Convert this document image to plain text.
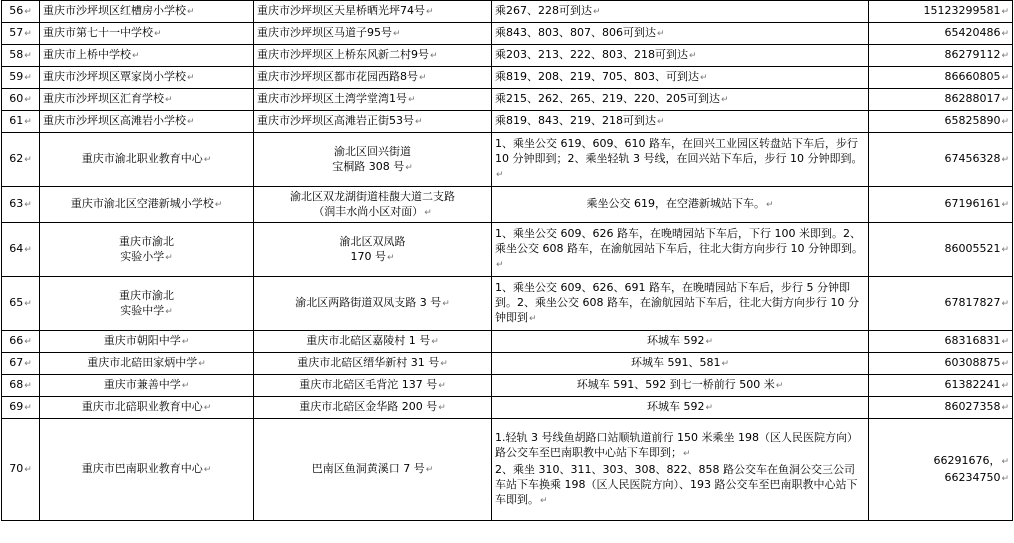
56↵	重庆市沙坪坝区红槽房小学校↵	重庆市沙坪坝区天星桥晒光坪74号↵	乘267、228可到达↵	15123299581↵
57↵	重庆市第七十一中学校↵	重庆市沙坪坝区马道子95号↵	乘843、803、807、806可到达↵	65420486↵
58↵	重庆市上桥中学校↵	重庆市沙坪坝区上桥东风新二村9号↵	乘203、213、222、803、218可到达↵	86279112↵
59↵	重庆市沙坪坝区覃家岗小学校↵	重庆市沙坪坝区都市花园西路8号↵	乘819、208、219、705、803、可到达↵	86660805↵
60↵	重庆市沙坪坝区汇育学校↵	重庆市沙坪坝区土湾学堂湾1号↵	乘215、262、265、219、220、205可到达↵	86288017↵
61↵	重庆市沙坪坝区高滩岩小学校↵	重庆市沙坪坝区高滩岩正街53号↵	乘819、843、219、218可到达↵	65825890↵
62↵	重庆市渝北职业教育中心↵	渝北区回兴街道
宝桐路 308 号↵	1、乘坐公交 619、609、610 路车，在回兴工业园区转盘站下车后，步行 10 分钟即到；2、乘坐轻轨 3 号线，在回兴站下车后，步行 10 分钟即到。↵	67456328↵
63↵	重庆市渝北区空港新城小学校↵	渝北区双龙湖街道桂馥大道二支路
（润丰水尚小区对面）↵	乘坐公交 619，在空港新城站下车。↵	67196161↵
64↵	重庆市渝北
实验小学↵	渝北区双凤路
170 号↵	1、乘坐公交 609、626 路车，在晚晴园站下车后，下行 100 米即到。2、乘坐公交 608 路车，在渝航园站下车后，往北大街方向步行 10 分钟即到。↵	86005521↵
65↵	重庆市渝北
实验中学↵	渝北区两路街道双凤支路 3 号↵	1、乘坐公交 609、626、691 路车，在晚晴园站下车后，步行 5 分钟即到。2、乘坐公交 608 路车，在渝航园站下车后，往北大街方向步行 10 分钟即到↵	67817827↵
66↵	重庆市朝阳中学↵	重庆市北碚区嘉陵村 1 号↵	环城车 592↵	68316831↵
67↵	重庆市北碚田家炳中学↵	重庆市北碚区缙华新村 31 号↵	环城车 591、581↵	60308875↵
68↵	重庆市兼善中学↵	重庆市北碚区毛背沱 137 号↵	环城车 591、592 到七一桥前行 500 米↵	61382241↵
69↵	重庆市北碚职业教育中心↵	重庆市北碚区金华路 200 号↵	环城车 592↵	86027358↵
70↵	重庆市巴南职业教育中心↵	巴南区鱼洞黄溪口 7 号↵	1.轻轨 3 号线鱼胡路口站顺轨道前行 150 米乘坐 198（区人民医院方向）路公交车至巴南职教中心站下车即到；↵
2、乘坐 310、311、303、308、822、858 路公交车在鱼洞公交三公司车站下车换乘 198（区人民医院方向）、193 路公交车至巴南职教中心站下车即到。↵	66291676，↵
66234750↵
